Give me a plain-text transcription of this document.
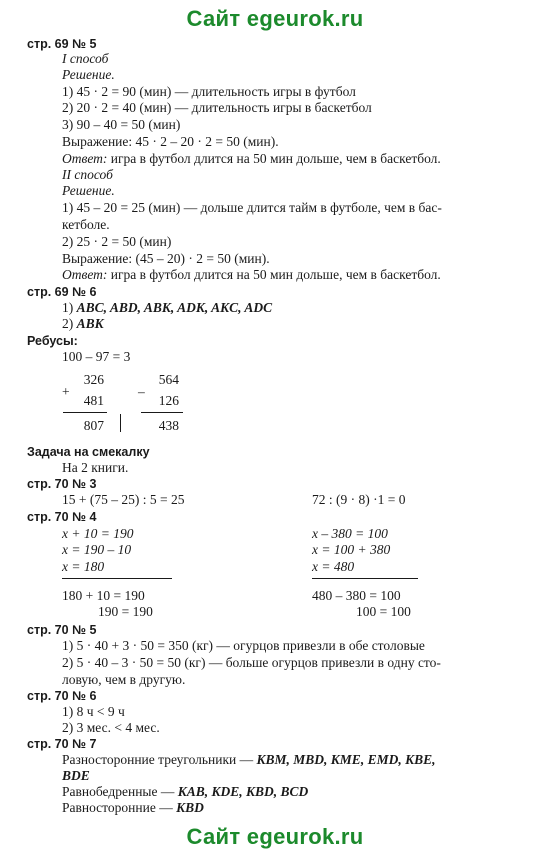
Сайт egeurok.ru
стр. 69 № 5
I способ
Решение.
1) 45 · 2 = 90 (мин) — длительность игры в футбол
2) 20 · 2 = 40 (мин) — длительность игры в баскетбол
3) 90 – 40 = 50 (мин)
Выражение: 45 · 2 – 20 · 2 = 50 (мин).
Ответ: игра в футбол длится на 50 мин дольше, чем в баскетбол.
II способ
Решение.
1) 45 – 20 = 25 (мин) — дольше длится тайм в футболе, чем в бас-
кетболе.
2) 25 · 2 = 50 (мин)
Выражение: (45 – 20) · 2 = 50 (мин).
Ответ: игра в футбол длится на 50 мин дольше, чем в баскетбол.
стр. 69 № 6
1) ABC, ABD, ABK, ADK, AKC, ADC
2) ABK
Ребусы:
100 – 97 = 3
+
326
481
807
–
564
126
438
Задача на смекалку
На 2 книги.
стр. 70 № 3
15 + (75 – 25) : 5 = 25	72 : (9 · 8) ·1 = 0
стр. 70 № 4
x + 10 = 190
x = 190 – 10
x = 180
180 + 10 = 190
190 = 190
x – 380 = 100
x = 100 + 380
x = 480
480 – 380 = 100
100 = 100
стр. 70 № 5
1) 5 · 40 + 3 · 50 = 350 (кг) — огурцов привезли в обе столовые
2) 5 · 40 – 3 · 50 = 50 (кг) — больше огурцов привезли в одну сто-
ловую, чем в другую.
стр. 70 № 6
1) 8 ч < 9 ч
2) 3 мес. < 4 мес.
стр. 70 № 7
Разносторонние треугольники — KBM, MBD, KME, EMD, KBE,
BDE
Равнобедренные — KAB, KDE, KBD, BCD
Равносторонние — KBD
Сайт egeurok.ru
